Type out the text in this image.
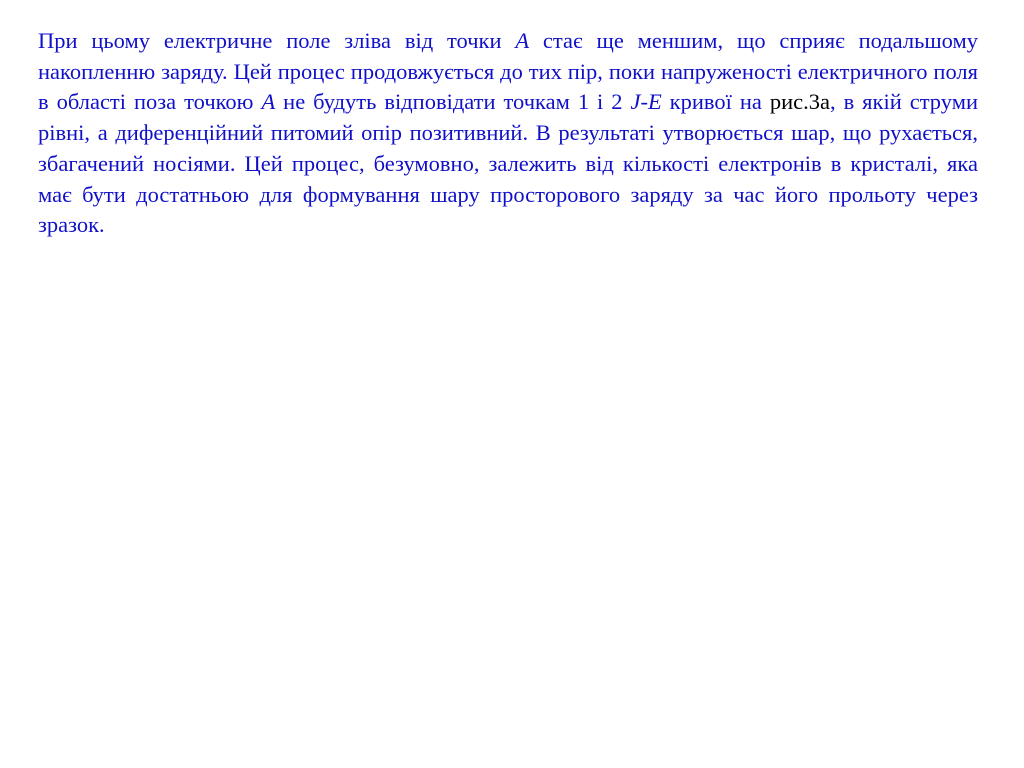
При цьому електричне поле зліва від точки A стає ще меншим, що сприяє подальшому накопленню заряду. Цей процес продовжується до тих пір, поки напруженості електричного поля в області поза точкою A не будуть відповідати точкам 1 і 2 J-E кривої на рис.3а, в якій струми рівні, а диференційний питомий опір позитивний. В результаті утворюється шар, що рухається, збагачений носіями. Цей процес, безумовно, залежить від кількості електронів в кристалі, яка має бути достатньою для формування шару просторового заряду за час його прольоту через зразок.
